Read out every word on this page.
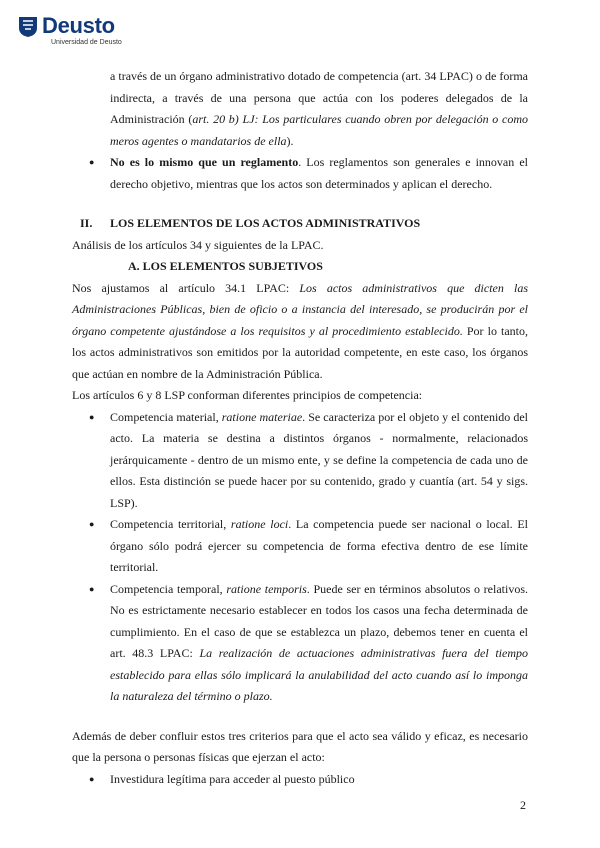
Deusto
Universidad de Deusto

a través de un órgano administrativo dotado de competencia (art. 34 LPAC) o de forma indirecta, a través de una persona que actúa con los poderes delegados de la Administración (art. 20 b) LJ: Los particulares cuando obren por delegación o como meros agentes o mandatarios de ella).

● No es lo mismo que un reglamento. Los reglamentos son generales e innovan el derecho objetivo, mientras que los actos son determinados y aplican el derecho.
II. LOS ELEMENTOS DE LOS ACTOS ADMINISTRATIVOS

Análisis de los artículos 34 y siguientes de la LPAC.

A. LOS ELEMENTOS SUBJETIVOS

Nos ajustamos al artículo 34.1 LPAC: Los actos administrativos que dicten las Administraciones Públicas, bien de oficio o a instancia del interesado, se producirán por el órgano competente ajustándose a los requisitos y al procedimiento establecido. Por lo tanto, los actos administrativos son emitidos por la autoridad competente, en este caso, los órganos que actúan en nombre de la Administración Pública.

Los artículos 6 y 8 LSP conforman diferentes principios de competencia:

● Competencia material, ratione materiae. Se caracteriza por el objeto y el contenido del acto. La materia se destina a distintos órganos - normalmente, relacionados jerárquicamente - dentro de un mismo ente, y se define la competencia de cada uno de ellos. Esta distinción se puede hacer por su contenido, grado y cuantía (art. 54 y sigs. LSP).
● Competencia territorial, ratione loci. La competencia puede ser nacional o local. El órgano sólo podrá ejercer su competencia de forma efectiva dentro de ese límite territorial.
● Competencia temporal, ratione temporis. Puede ser en términos absolutos o relativos. No es estrictamente necesario establecer en todos los casos una fecha determinada de cumplimiento. En el caso de que se establezca un plazo, debemos tener en cuenta el art. 48.3 LPAC: La realización de actuaciones administrativas fuera del tiempo establecido para ellas sólo implicará la anulabilidad del acto cuando así lo imponga la naturaleza del término o plazo.

Además de deber confluir estos tres criterios para que el acto sea válido y eficaz, es necesario que la persona o personas físicas que ejerzan el acto:

● Investidura legítima para acceder al puesto público
2
